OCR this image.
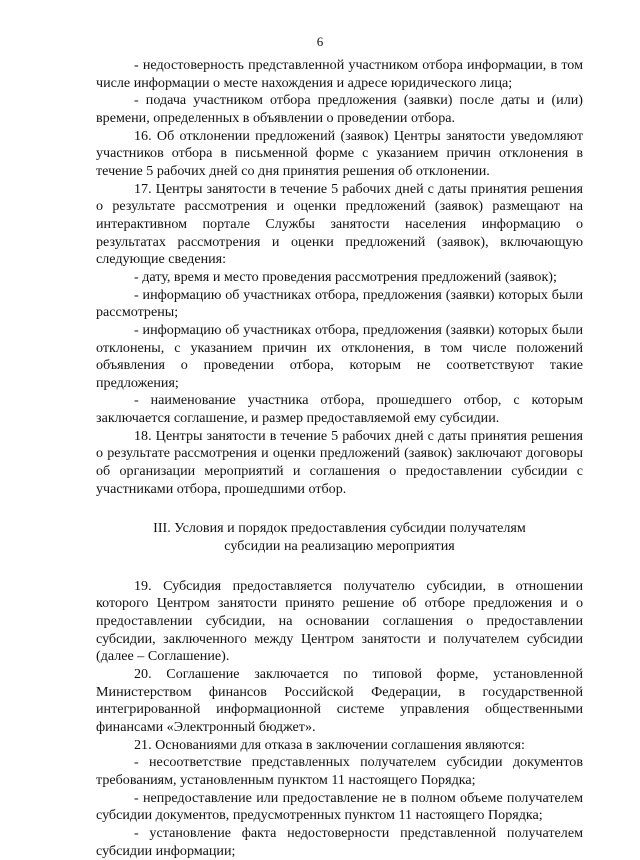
6

- недостоверность представленной участником отбора информации, в том числе информации о месте нахождения и адресе юридического лица;

- подача участником отбора предложения (заявки) после даты и (или) времени, определенных в объявлении о проведении отбора.

16. Об отклонении предложений (заявок) Центры занятости уведомляют участников отбора в письменной форме с указанием причин отклонения в течение 5 рабочих дней со дня принятия решения об отклонении.

17. Центры занятости в течение 5 рабочих дней с даты принятия решения о результате рассмотрения и оценки предложений (заявок) размещают на интерактивном портале Службы занятости населения информацию о результатах рассмотрения и оценки предложений (заявок), включающую следующие сведения:

- дату, время и место проведения рассмотрения предложений (заявок);

- информацию об участниках отбора, предложения (заявки) которых были рассмотрены;

- информацию об участниках отбора, предложения (заявки) которых были отклонены, с указанием причин их отклонения, в том числе положений объявления о проведении отбора, которым не соответствуют такие предложения;

- наименование участника отбора, прошедшего отбор, с которым заключается соглашение, и размер предоставляемой ему субсидии.

18. Центры занятости в течение 5 рабочих дней с даты принятия решения о результате рассмотрения и оценки предложений (заявок) заключают договоры об организации мероприятий и соглашения о предоставлении субсидии с участниками отбора, прошедшими отбор.

III. Условия и порядок предоставления субсидии получателям
субсидии на реализацию мероприятия

19. Субсидия предоставляется получателю субсидии, в отношении которого Центром занятости принято решение об отборе предложения и о предоставлении субсидии, на основании соглашения о предоставлении субсидии, заключенного между Центром занятости и получателем субсидии (далее – Соглашение).

20. Соглашение заключается по типовой форме, установленной Министерством финансов Российской Федерации, в государственной интегрированной информационной системе управления общественными финансами «Электронный бюджет».

21. Основаниями для отказа в заключении соглашения являются:

- несоответствие представленных получателем субсидии документов требованиям, установленным пунктом 11 настоящего Порядка;

- непредоставление или предоставление не в полном объеме получателем субсидии документов, предусмотренных пунктом 11 настоящего Порядка;

- установление факта недостоверности представленной получателем субсидии информации;
